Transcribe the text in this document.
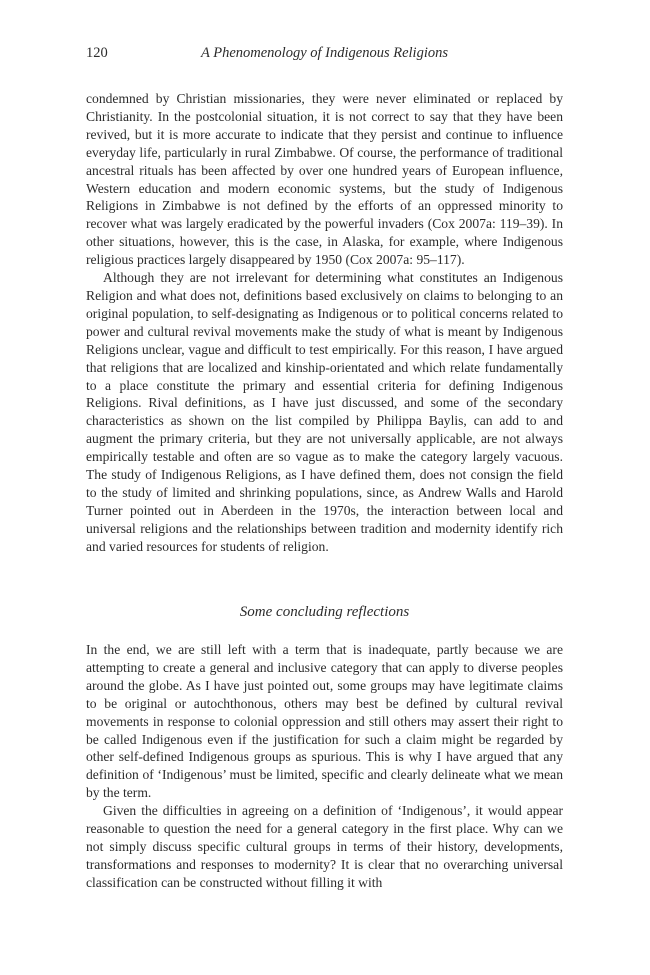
120	A Phenomenology of Indigenous Religions

condemned by Christian missionaries, they were never eliminated or replaced by Christianity. In the postcolonial situation, it is not correct to say that they have been revived, but it is more accurate to indicate that they persist and continue to influence everyday life, particularly in rural Zimbabwe. Of course, the performance of traditional ancestral rituals has been affected by over one hundred years of European influence, Western education and modern economic systems, but the study of Indigenous Religions in Zimbabwe is not defined by the efforts of an oppressed minority to recover what was largely eradicated by the powerful invaders (Cox 2007a: 119–39). In other situations, however, this is the case, in Alaska, for example, where Indigenous religious practices largely disappeared by 1950 (Cox 2007a: 95–117).

Although they are not irrelevant for determining what constitutes an Indigenous Religion and what does not, definitions based exclusively on claims to belonging to an original population, to self-designating as Indigenous or to political concerns related to power and cultural revival movements make the study of what is meant by Indigenous Religions unclear, vague and difficult to test empirically. For this reason, I have argued that religions that are localized and kinship-orientated and which relate fundamentally to a place constitute the primary and essential criteria for defining Indigenous Religions. Rival definitions, as I have just discussed, and some of the secondary characteristics as shown on the list compiled by Philippa Baylis, can add to and augment the primary criteria, but they are not universally applicable, are not always empirically testable and often are so vague as to make the category largely vacuous. The study of Indigenous Religions, as I have defined them, does not consign the field to the study of limited and shrinking populations, since, as Andrew Walls and Harold Turner pointed out in Aberdeen in the 1970s, the interaction between local and universal religions and the relationships between tradition and modernity identify rich and varied resources for students of religion.

Some concluding reflections

In the end, we are still left with a term that is inadequate, partly because we are attempting to create a general and inclusive category that can apply to diverse peoples around the globe. As I have just pointed out, some groups may have legitimate claims to be original or autochthonous, others may best be defined by cultural revival movements in response to colonial oppression and still others may assert their right to be called Indigenous even if the justification for such a claim might be regarded by other self-defined Indigenous groups as spurious. This is why I have argued that any definition of ‘Indigenous’ must be limited, specific and clearly delineate what we mean by the term.

Given the difficulties in agreeing on a definition of ‘Indigenous’, it would appear reasonable to question the need for a general category in the first place. Why can we not simply discuss specific cultural groups in terms of their history, developments, transformations and responses to modernity? It is clear that no overarching universal classification can be constructed without filling it with
